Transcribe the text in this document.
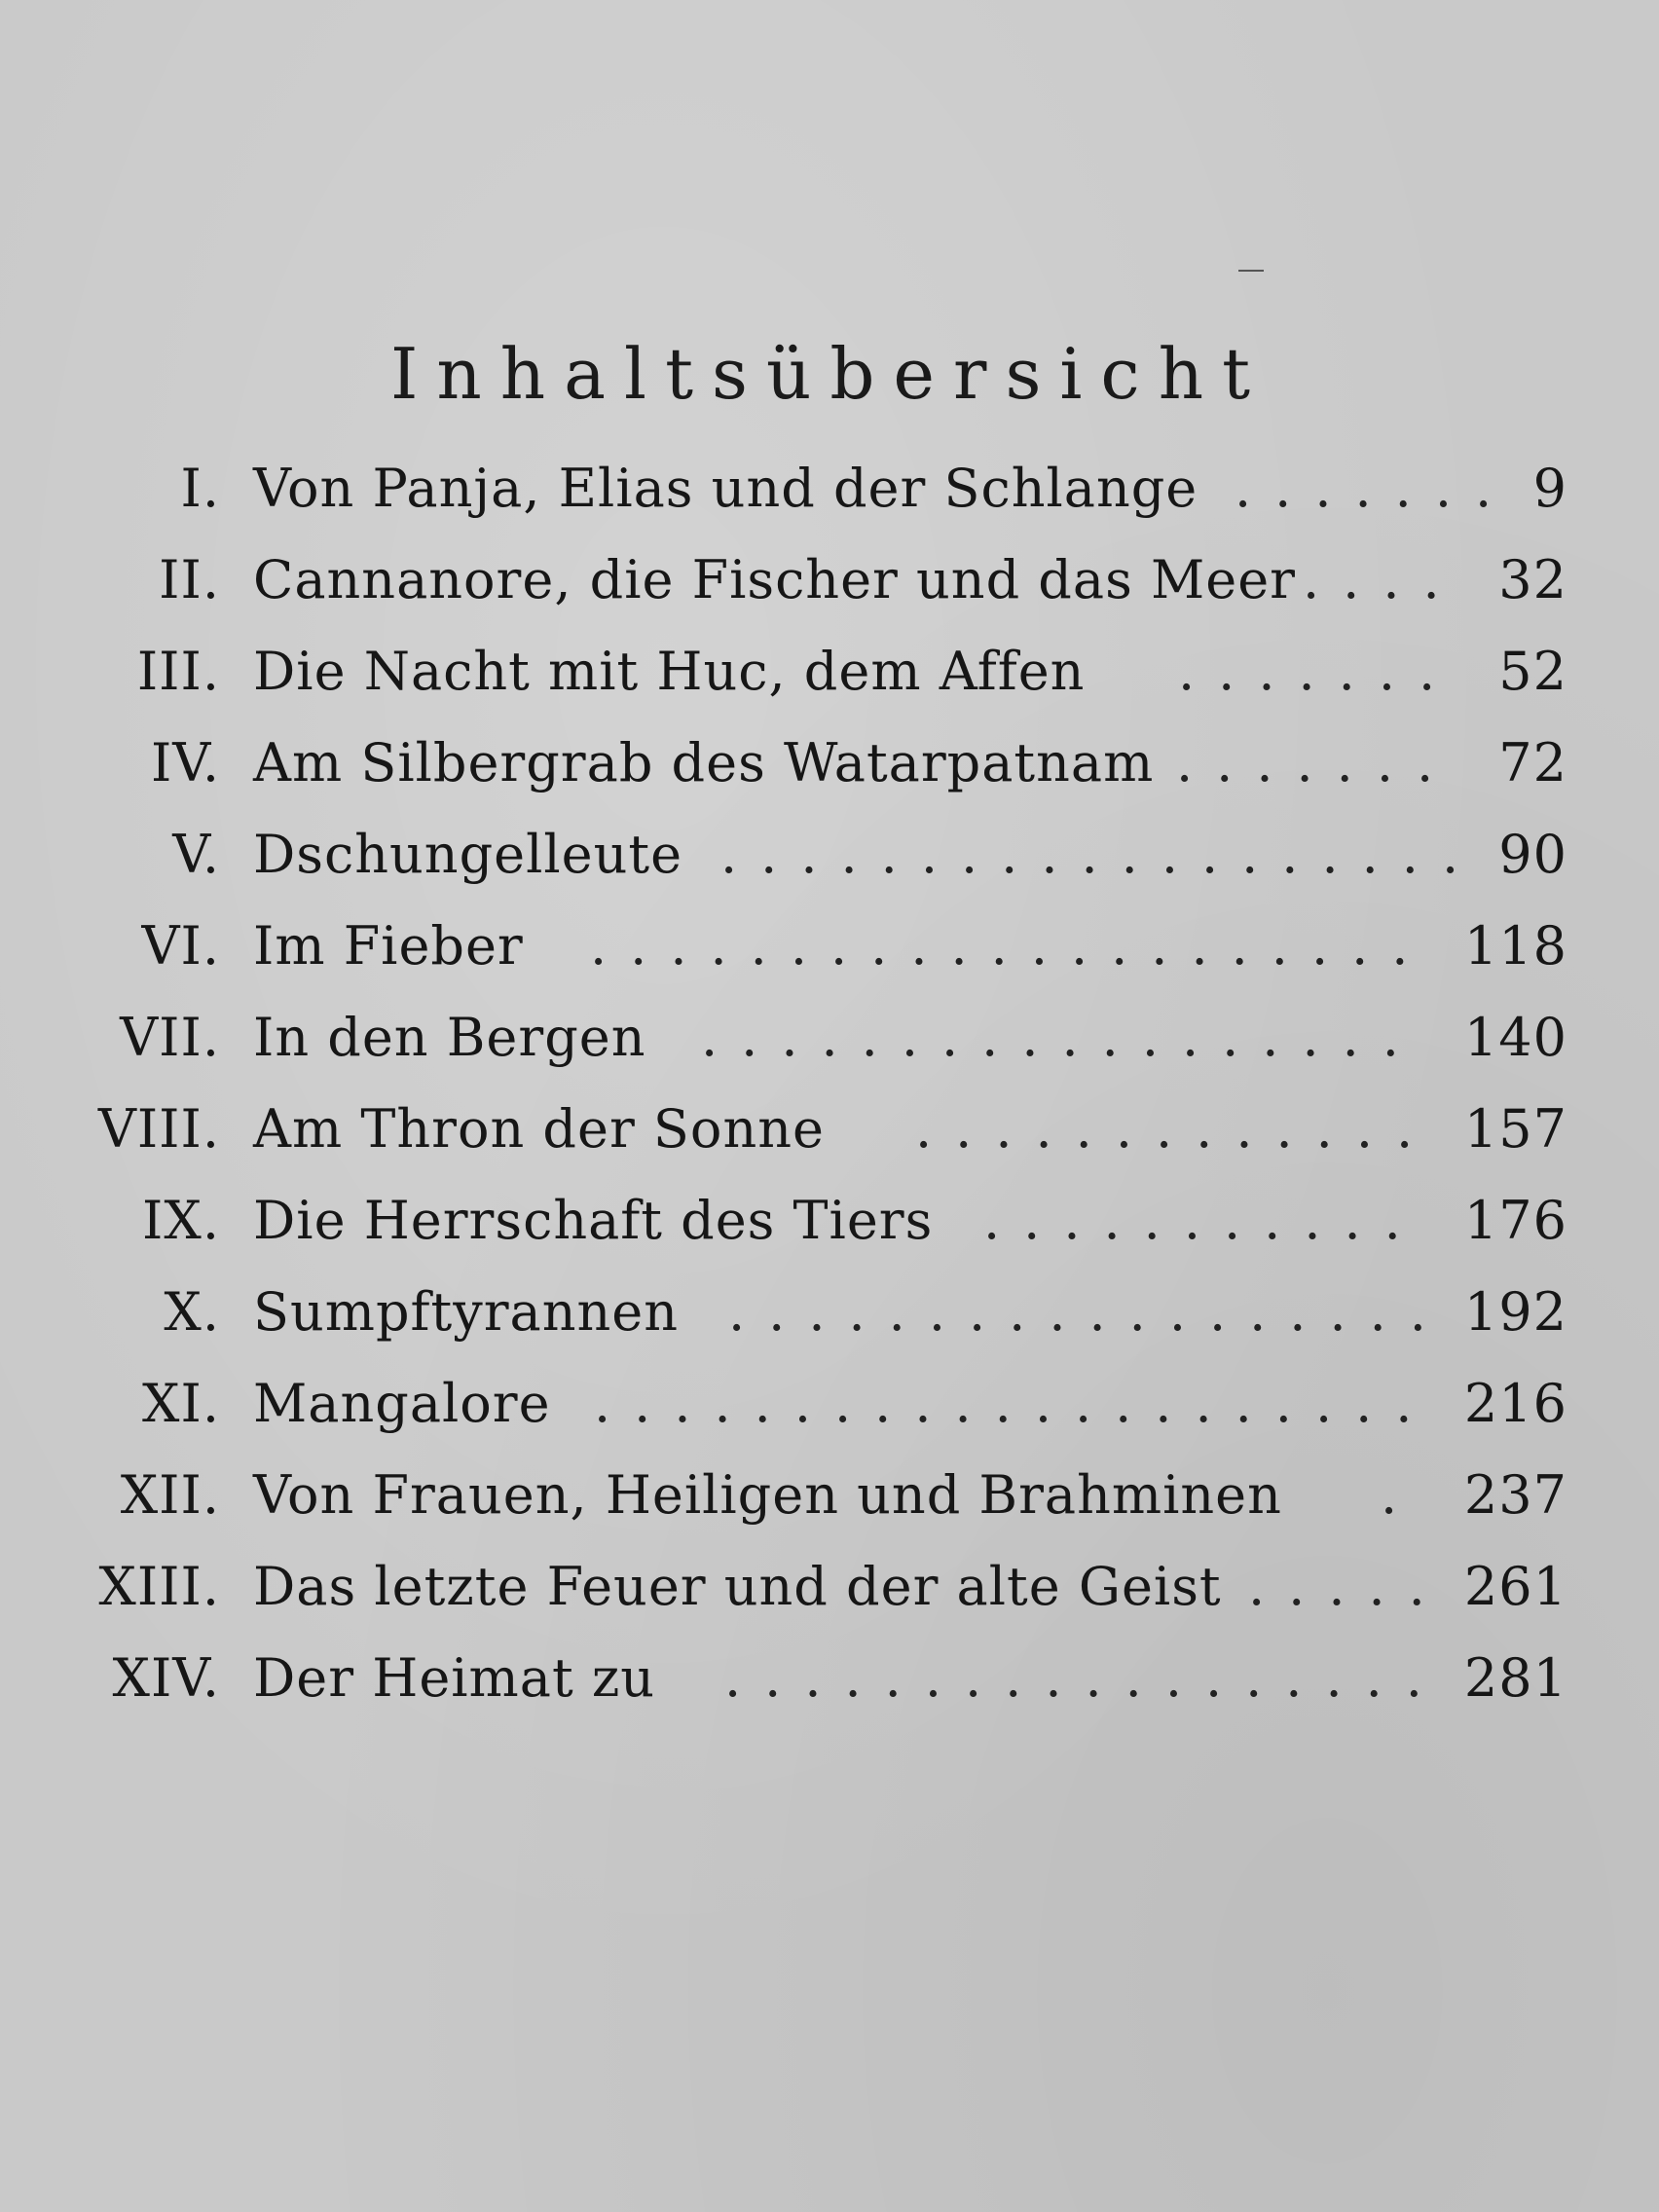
Inhaltsübersicht
I. Von Panja, Elias und der Schlange ....... 9
II. Cannanore, die Fischer und das Meer .... 32
III. Die Nacht mit Huc, dem Affen ....... 52
IV. Am Silbergrab des Watarpatnam ....... 72
V. Dschungelleute ................... 90
VI. Im Fieber ..................... 118
VII. In den Bergen .................. 140
VIII. Am Thron der Sonne ............. 157
IX. Die Herrschaft des Tiers ........... 176
X. Sumpftyrannen .................. 192
XI. Mangalore ..................... 216
XII. Von Frauen, Heiligen und Brahminen . 237
XIII. Das letzte Feuer und der alte Geist ..... 261
XIV. Der Heimat zu .................. 281
